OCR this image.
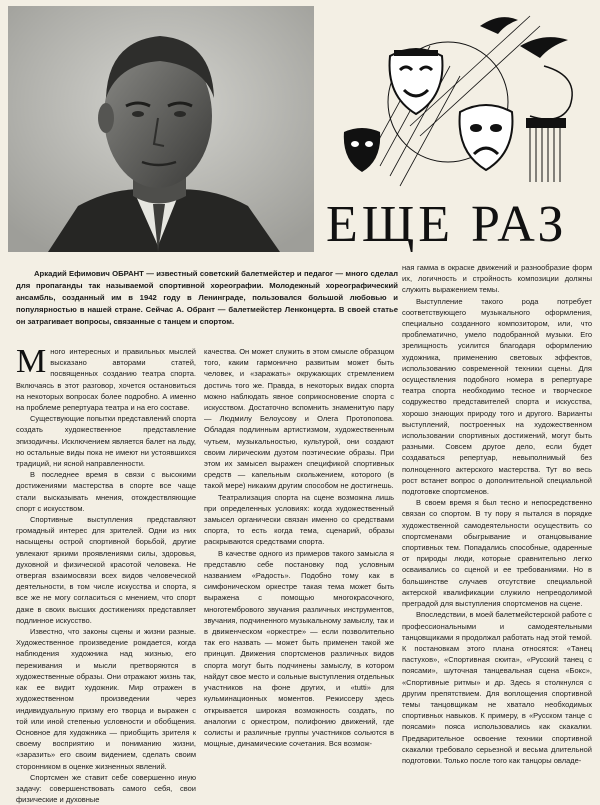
ЕЩЕ РАЗ
Аркадий Ефимович ОБРАНТ — известный советский балетмейстер и педагог — много сделал для пропаганды так называемой спортивной хореографии. Молодежный хореографический ансамбль, созданный им в 1942 году в Ленинграде, пользовался большой любовью и популярностью в нашей стране. Сейчас А. Обрант — балетмейстер Ленконцерта. В своей статье он затрагивает вопросы, связанные с танцем и спортом.
М ного интересных и правильных мыслей высказано авторами статей, посвященных созданию театра спорта. Включаясь в этот разговор, хочется остановиться на некоторых вопросах более подробно. А именно на проблеме репертуара театра и на его составе.

Существующие попытки представлений спорта создать художественное представление эпизодичны. Исключением является балет на льду, но остальные виды пока не имеют ни устоявшихся традиций, ни ясной направленности.

В последнее время в связи с высокими достижениями мастерства в спорте все чаще стали высказывать мнения, отождествляющие спорт с искусством.

Спортивные выступления представляют громадный интерес для зрителей. Одни из них насыщены острой спортивной борьбой, другие увлекают яркими проявлениями силы, здоровья, духовной и физической красотой человека. Не отвергая взаимосвязи всех видов человеческой деятельности, в том числе искусства и спорта, я все же не могу согласиться с мнением, что спорт даже в своих высших достижениях представляет подлинное искусство.

Известно, что законы сцены и жизни разные. Художественное произведение рождается, когда наблюдения художника над жизнью, его переживания и мысли претворяются в художественные образы. Они отражают жизнь так, как ее видит художник. Мир отражен в художественном произведении через индивидуальную призму его творца и выражен с той или иной степенью условности и обобщения. Основное для художника — приобщить зрителя к своему восприятию и пониманию жизни, «заразить» его своим видением, сделать своим сторонником в оценке жизненных явлений.

Спортсмен же ставит себе совершенно иную задачу: совершенствовать самого себя, свои физические и духовные

качества. Он может служить в этом смысле образцом того, каким гармонично развитым может быть человек, и «заражать» окружающих стремлением достичь того же. Правда, в некоторых видах спорта можно наблюдать явное соприкосновение спорта с искусством. Достаточно вспомнить знаменитую пару — Людмилу Белоусову и Олега Протопопова. Обладая подлинным артистизмом, художественным чутьем, музыкальностью, культурой, они создают своим лирическим дуэтом поэтические образы. При этом их замысел выражен спецификой спортивных средств — капельным скольжением, которого (в такой мере) никаким другим способом не достигнешь.

Театрализация спорта на сцене возможна лишь при определенных условиях: когда художественный замысел органически связан именно со средствами спорта, то есть когда тема, сценарий, образы раскрываются средствами спорта.

В качестве одного из примеров такого замысла я представлю себе постановку под условным названием «Радость». Подобно тому как в симфоническом оркестре такая тема может быть выражена с помощью многокрасочного, многотембрового звучания различных инструментов, звучания, подчиненного музыкальному замыслу, так и в движенческом «оркестре» — если позволительно так его назвать — может быть применен такой же принцип. Движения спортсменов различных видов спорта могут быть подчинены замыслу, в котором найдут свое место и сольные выступления отдельных участников на фоне других, и «tutti» для кульминационных моментов. Режиссеру здесь открывается широкая возможность создать, по аналогии с оркестром, полифонию движений, где солисты и различные группы участников сольются в мощные, динамические сочетания. Вся возмож-

ная гамма в окраске движений и разнообразие форм их, логичность и стройность композиции должны служить выражением темы.

Выступление такого рода потребует соответствующего музыкального оформления, специально созданного композитором, или, что проблематично, умело подобранной музыки. Его зрелищность усилится благодаря оформлению художника, применению световых эффектов, использованию современной техники сцены. Для осуществления подобного номера в репертуаре театра спорта необходимо тесное и творческое содружество представителей спорта и искусства, хорошо знающих природу того и другого. Варианты выступлений, построенных на художественном использовании спортивных достижений, могут быть разными. Совсем другое дело, если будет создаваться репертуар, невыполнимый без полноценного актерского мастерства. Тут во весь рост встанет вопрос о дополнительной специальной подготовке спортсменов.

В своем время я был тесно и непосредственно связан со спортом. В ту пору я пытался в порядке художественной самодеятельности осуществить со спортсменами обыгрывание и отанцовывание спортивных тем. Попадались способные, одаренные от природы люди, которые сравнительно легко осваивались со сценой и ее требованиями. Но в большинстве случаев отсутствие специальной актерской квалификации служило непреодолимой преградой для выступления спортсменов на сцене.

Впоследствии, в моей балетмейстерской работе с профессиональными и самодеятельными танцовщиками я продолжал работать над этой темой. К постановкам этого плана относятся: «Танец пастухов», «Спортивная сюита», «Русский танец с поясами», шуточная танцевальная сцена «Бокс», «Спортивные ритмы» и др. Здесь я столкнулся с другим препятствием. Для воплощения спортивной темы танцовщикам не хватало необходимых спортивных навыков. К примеру, в «Русском танце с поясами» пояса использовались как скакалки. Предварительное освоение техники спортивной скакалки требовало серьезной и весьма длительной подготовки. Только после того как танцоры овладе-
